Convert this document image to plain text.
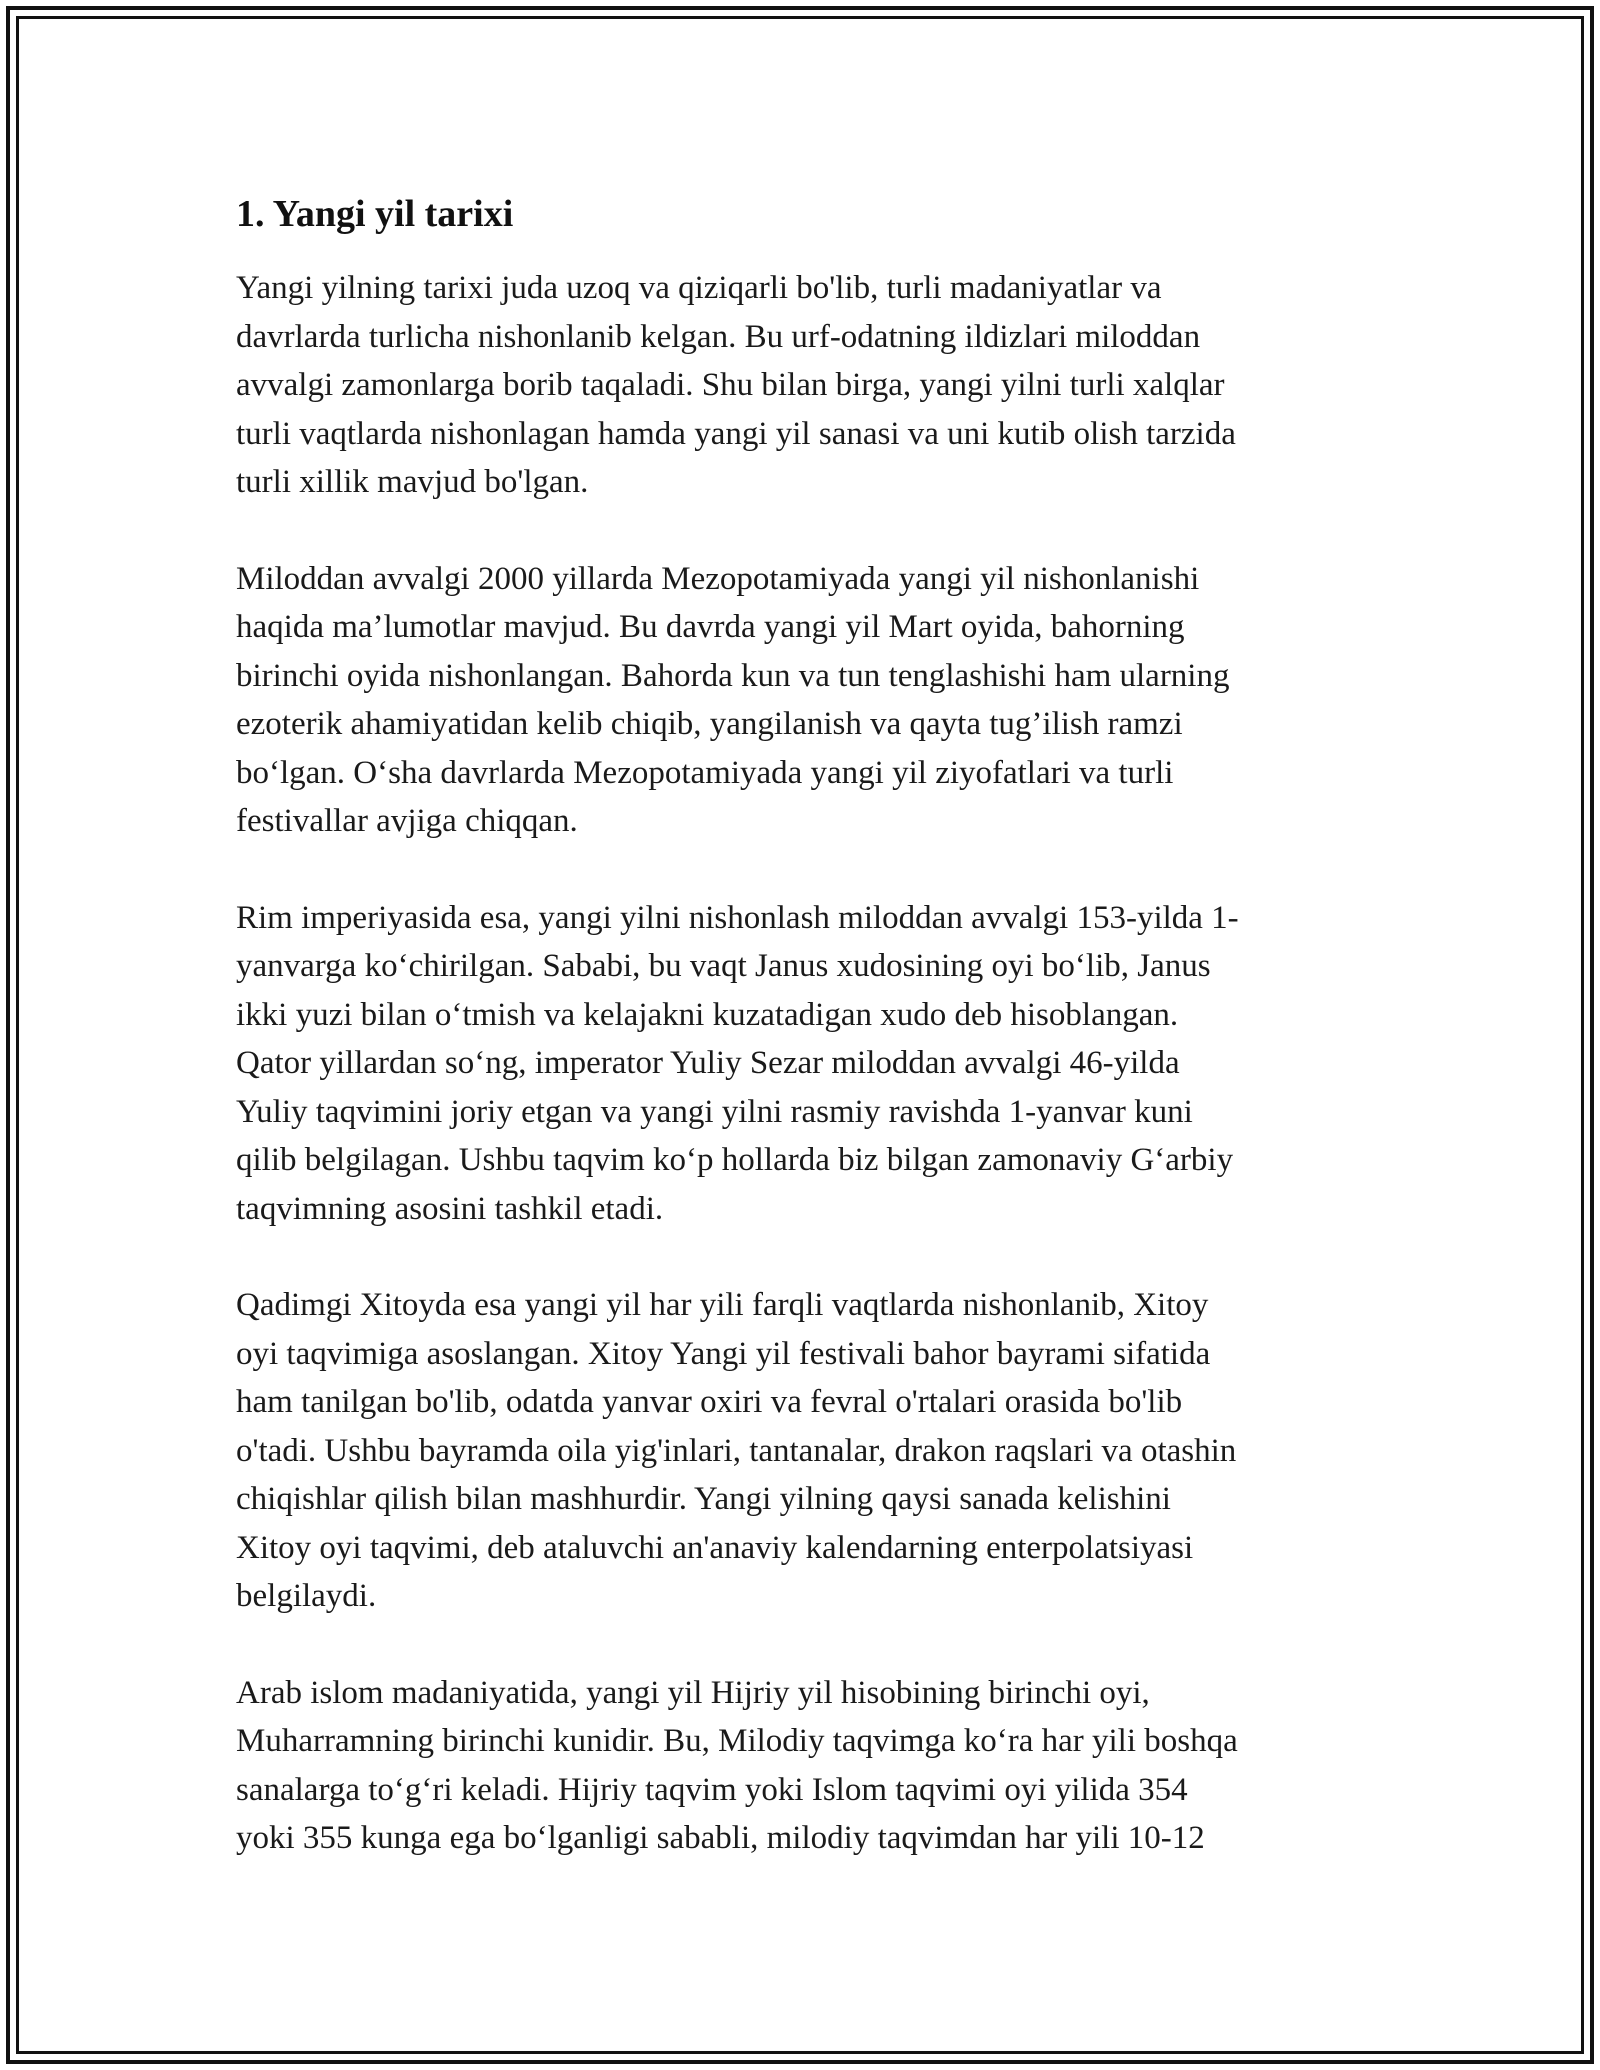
1. Yangi yil tarixi

Yangi yilning tarixi juda uzoq va qiziqarli bo'lib, turli madaniyatlar va
davrlarda turlicha nishonlanib kelgan. Bu urf-odatning ildizlari miloddan
avvalgi zamonlarga borib taqaladi. Shu bilan birga, yangi yilni turli xalqlar
turli vaqtlarda nishonlagan hamda yangi yil sanasi va uni kutib olish tarzida
turli xillik mavjud bo'lgan.

Miloddan avvalgi 2000 yillarda Mezopotamiyada yangi yil nishonlanishi
haqida ma’lumotlar mavjud. Bu davrda yangi yil Mart oyida, bahorning
birinchi oyida nishonlangan. Bahorda kun va tun tenglashishi ham ularning
ezoterik ahamiyatidan kelib chiqib, yangilanish va qayta tug’ilish ramzi
bo‘lgan. O‘sha davrlarda Mezopotamiyada yangi yil ziyofatlari va turli
festivallar avjiga chiqqan.

Rim imperiyasida esa, yangi yilni nishonlash miloddan avvalgi 153-yilda 1-
yanvarga ko‘chirilgan. Sababi, bu vaqt Janus xudosining oyi bo‘lib, Janus
ikki yuzi bilan o‘tmish va kelajakni kuzatadigan xudo deb hisoblangan.
Qator yillardan so‘ng, imperator Yuliy Sezar miloddan avvalgi 46-yilda
Yuliy taqvimini joriy etgan va yangi yilni rasmiy ravishda 1-yanvar kuni
qilib belgilagan. Ushbu taqvim ko‘p hollarda biz bilgan zamonaviy G‘arbiy
taqvimning asosini tashkil etadi.

Qadimgi Xitoyda esa yangi yil har yili farqli vaqtlarda nishonlanib, Xitoy
oyi taqvimiga asoslangan. Xitoy Yangi yil festivali bahor bayrami sifatida
ham tanilgan bo'lib, odatda yanvar oxiri va fevral o'rtalari orasida bo'lib
o'tadi. Ushbu bayramda oila yig'inlari, tantanalar, drakon raqslari va otashin
chiqishlar qilish bilan mashhurdir. Yangi yilning qaysi sanada kelishini
Xitoy oyi taqvimi, deb ataluvchi an'anaviy kalendarning enterpolatsiyasi
belgilaydi.

Arab islom madaniyatida, yangi yil Hijriy yil hisobining birinchi oyi,
Muharramning birinchi kunidir. Bu, Milodiy taqvimga ko‘ra har yili boshqa
sanalarga to‘g‘ri keladi. Hijriy taqvim yoki Islom taqvimi oyi yilida 354
yoki 355 kunga ega bo‘lganligi sababli, milodiy taqvimdan har yili 10-12
